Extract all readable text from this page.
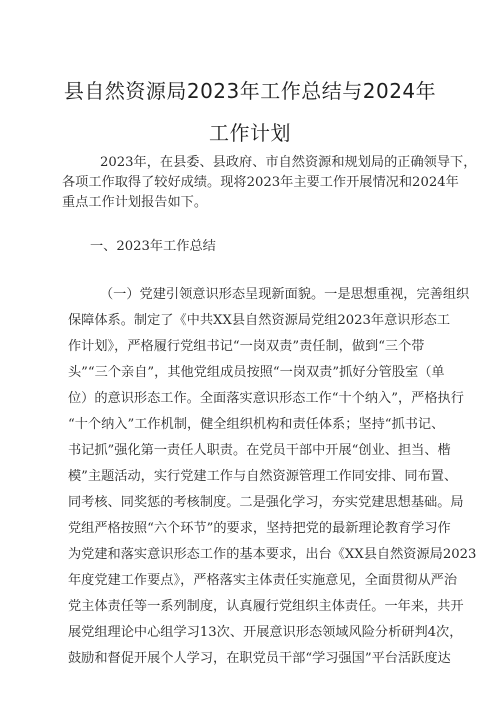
县自然资源局2023年工作总结与2024年
工作计划
2023年，在县委、县政府、市自然资源和规划局的正确领导下，
各项工作取得了较好成绩。现将2023年主要工作开展情况和2024年
重点工作计划报告如下。
一、2023年工作总结
（一）党建引领意识形态呈现新面貌。一是思想重视，完善组织
保障体系。制定了《中共XX县自然资源局党组2023年意识形态工
作计划》，严格履行党组书记“一岗双责”责任制，做到“三个带
头”“三个亲自”，其他党组成员按照“一岗双责”抓好分管股室（单
位）的意识形态工作。全面落实意识形态工作“十个纳入”，严格执行
“十个纳入”工作机制，健全组织机构和责任体系；坚持“抓书记、
书记抓”强化第一责任人职责。在党员干部中开展“创业、担当、楷
模”主题活动，实行党建工作与自然资源管理工作同安排、同布置、
同考核、同奖惩的考核制度。二是强化学习，夯实党建思想基础。局
党组严格按照“六个环节”的要求，坚持把党的最新理论教育学习作
为党建和落实意识形态工作的基本要求，出台《XX县自然资源局2023
年度党建工作要点》，严格落实主体责任实施意见，全面贯彻从严治
党主体责任等一系列制度，认真履行党组织主体责任。一年来，共开
展党组理论中心组学习13次、开展意识形态领域风险分析研判4次，
鼓励和督促开展个人学习，在职党员干部“学习强国”平台活跃度达
